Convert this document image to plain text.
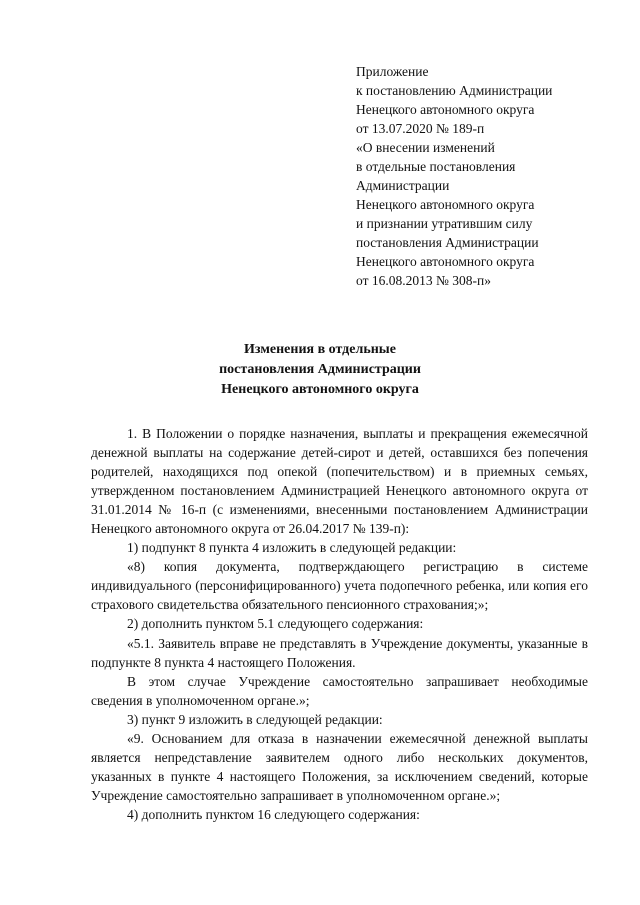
Приложение
к постановлению Администрации
Ненецкого автономного округа
от 13.07.2020 № 189-п
«О внесении изменений
в отдельные постановления
Администрации
Ненецкого автономного округа
и признании утратившим силу
постановления Администрации
Ненецкого автономного округа
от 16.08.2013 № 308-п»
Изменения в отдельные
постановления Администрации
Ненецкого автономного округа

1. В Положении о порядке назначения, выплаты и прекращения ежемесячной денежной выплаты на содержание детей-сирот и детей, оставшихся без попечения родителей, находящихся под опекой (попечительством) и в приемных семьях, утвержденном постановлением Администрацией Ненецкого автономного округа от 31.01.2014 № 16-п (с изменениями, внесенными постановлением Администрации Ненецкого автономного округа от 26.04.2017 № 139-п):

1) подпункт 8 пункта 4 изложить в следующей редакции:

«8) копия документа, подтверждающего регистрацию в системе индивидуального (персонифицированного) учета подопечного ребенка, или копия его страхового свидетельства обязательного пенсионного страхования;»;

2) дополнить пунктом 5.1 следующего содержания:

«5.1. Заявитель вправе не представлять в Учреждение документы, указанные в подпункте 8 пункта 4 настоящего Положения.

В этом случае Учреждение самостоятельно запрашивает необходимые сведения в уполномоченном органе.»;

3) пункт 9 изложить в следующей редакции:

«9. Основанием для отказа в назначении ежемесячной денежной выплаты является непредставление заявителем одного либо нескольких документов, указанных в пункте 4 настоящего Положения, за исключением сведений, которые Учреждение самостоятельно запрашивает в уполномоченном органе.»;

4) дополнить пунктом 16 следующего содержания:
